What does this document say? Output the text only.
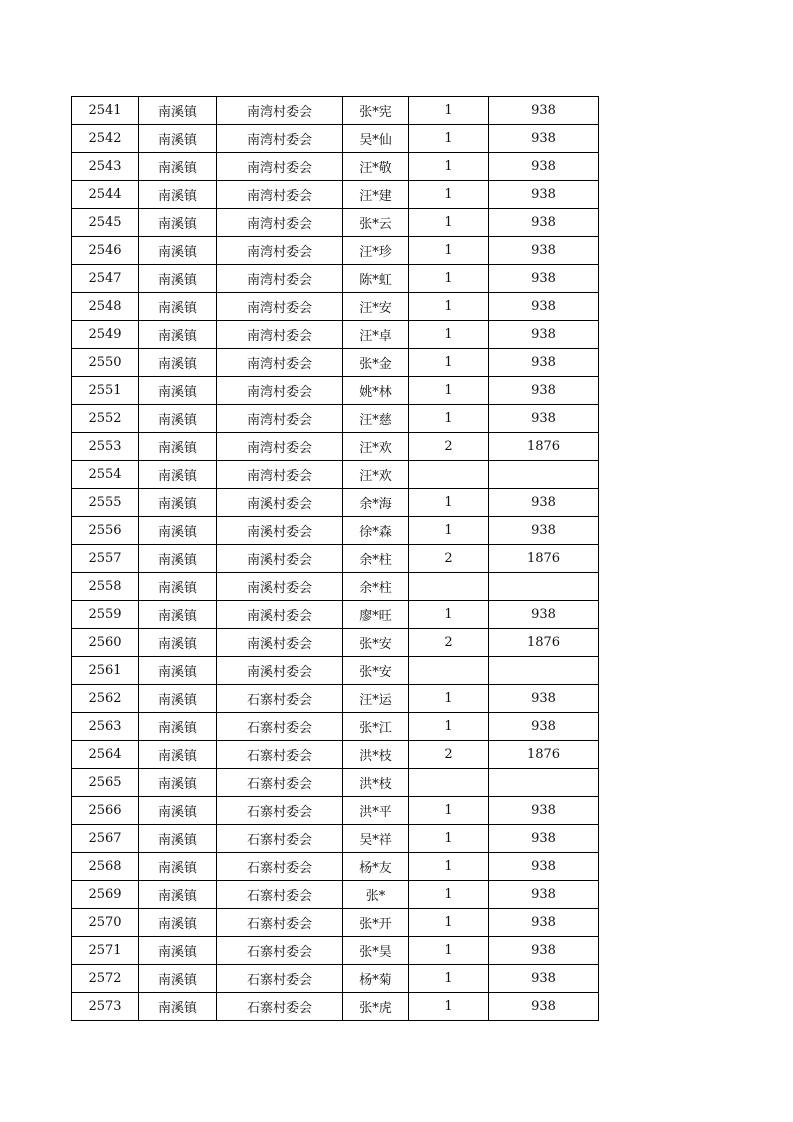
2541	南溪镇	南湾村委会	张*宪	1	938
2542	南溪镇	南湾村委会	吴*仙	1	938
2543	南溪镇	南湾村委会	汪*敬	1	938
2544	南溪镇	南湾村委会	汪*建	1	938
2545	南溪镇	南湾村委会	张*云	1	938
2546	南溪镇	南湾村委会	汪*珍	1	938
2547	南溪镇	南湾村委会	陈*虹	1	938
2548	南溪镇	南湾村委会	汪*安	1	938
2549	南溪镇	南湾村委会	汪*卓	1	938
2550	南溪镇	南湾村委会	张*金	1	938
2551	南溪镇	南湾村委会	姚*林	1	938
2552	南溪镇	南湾村委会	汪*慈	1	938
2553	南溪镇	南湾村委会	汪*欢	2	1876
2554	南溪镇	南湾村委会	汪*欢		
2555	南溪镇	南溪村委会	余*海	1	938
2556	南溪镇	南溪村委会	徐*森	1	938
2557	南溪镇	南溪村委会	余*柱	2	1876
2558	南溪镇	南溪村委会	余*柱		
2559	南溪镇	南溪村委会	廖*旺	1	938
2560	南溪镇	南溪村委会	张*安	2	1876
2561	南溪镇	南溪村委会	张*安		
2562	南溪镇	石寨村委会	汪*运	1	938
2563	南溪镇	石寨村委会	张*江	1	938
2564	南溪镇	石寨村委会	洪*枝	2	1876
2565	南溪镇	石寨村委会	洪*枝		
2566	南溪镇	石寨村委会	洪*平	1	938
2567	南溪镇	石寨村委会	吴*祥	1	938
2568	南溪镇	石寨村委会	杨*友	1	938
2569	南溪镇	石寨村委会	张*	1	938
2570	南溪镇	石寨村委会	张*开	1	938
2571	南溪镇	石寨村委会	张*昊	1	938
2572	南溪镇	石寨村委会	杨*菊	1	938
2573	南溪镇	石寨村委会	张*虎	1	938
